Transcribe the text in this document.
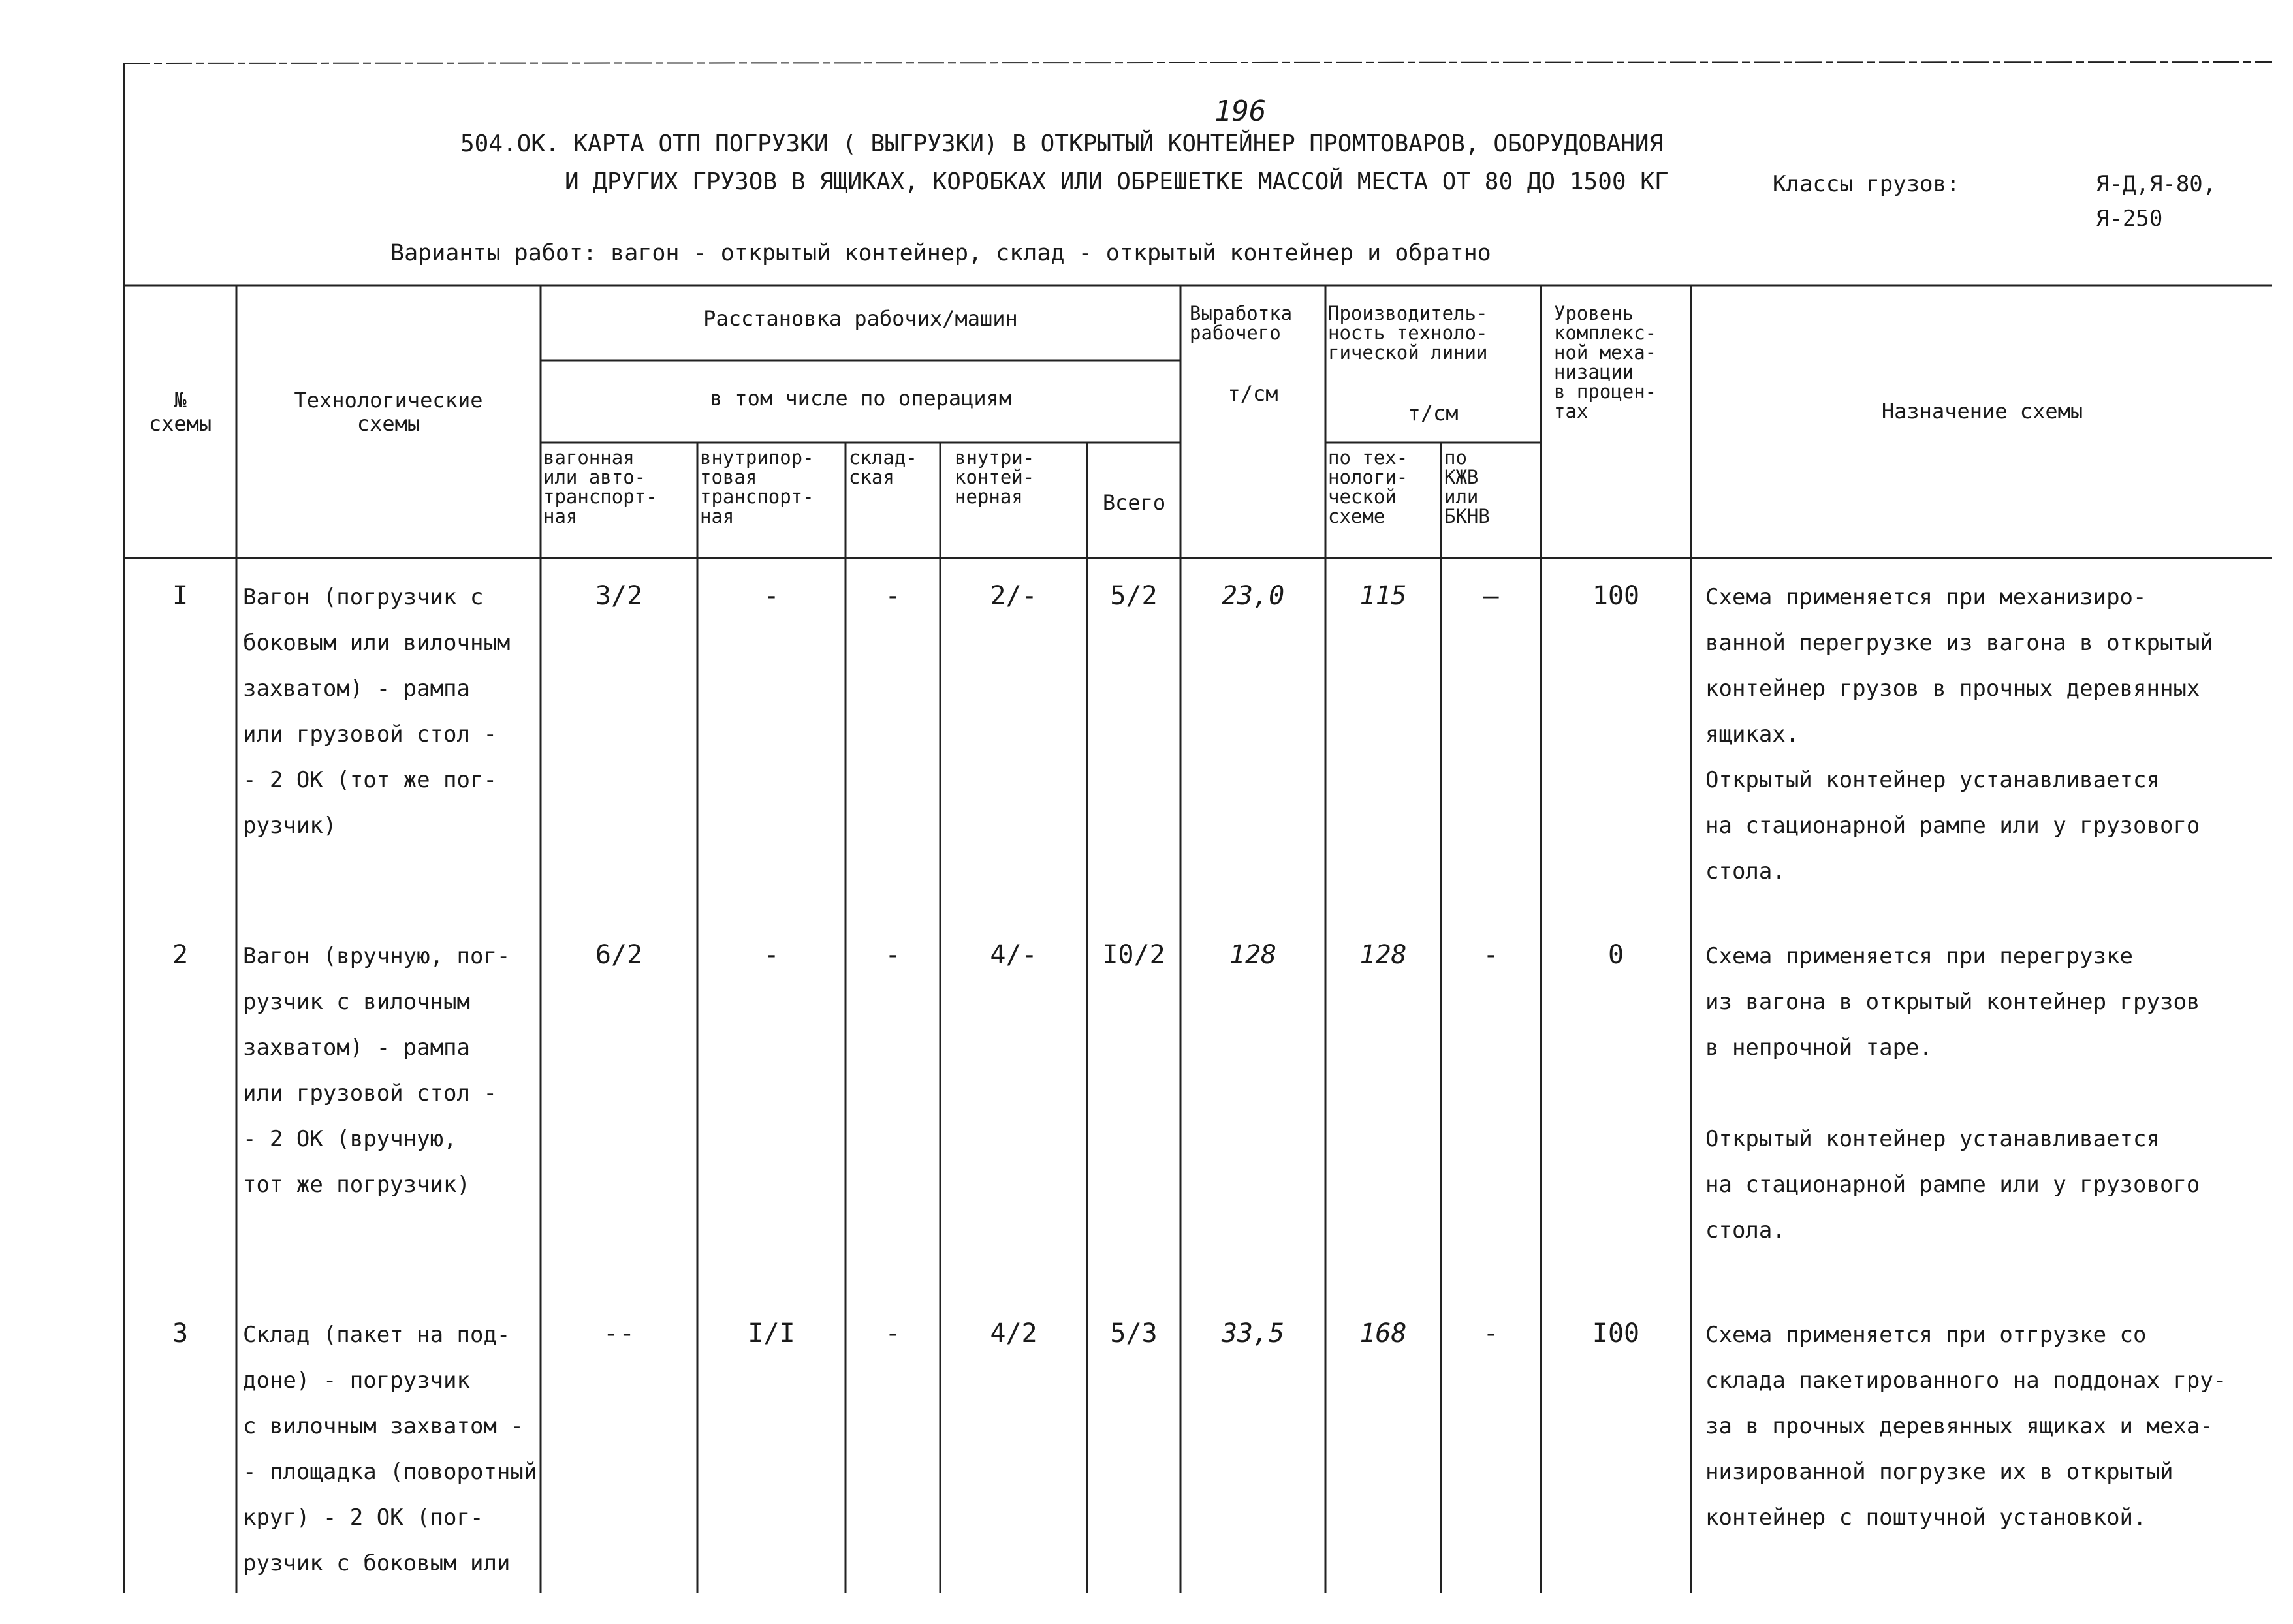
196
504.OK. КАРТА ОТП ПОГРУЗКИ ( ВЫГРУЗКИ) В ОТКРЫТЫЙ КОНТЕЙНЕР ПРОМТОВАРОВ, ОБОРУДОВАНИЯ
И ДРУГИХ ГРУЗОВ В ЯЩИКАХ, КОРОБКАХ ИЛИ ОБРЕШЕТКЕ МАССОЙ МЕСТА ОТ 80 ДО 1500 КГ	Классы грузов:	Я-Д,Я-80,
Я-250
Варианты работ: вагон - открытый контейнер, склад - открытый контейнер и обратно
№
схемы
Технологические
схемы
Расстановка рабочих/машин
в том числе по операциям
вагонная
или авто-
транспорт-
ная
внутрипор-
товая
транспорт-
ная
склад-
ская
внутри-
контей-
нерная	Всего
Выработка
рабочего
т/см
Производитель-
ность техноло-
гической линии
т/см
по тех-
нологи-
ческой
схеме
по
КЖВ
или
БКНВ
Уровень
комплекс-
ной меха-
низации
в процен-
тах	Назначение схемы
I	Вагон (погрузчик с
боковым или вилочным
захватом) - рампа
или грузовой стол -
- 2 ОК (тот же пог-
рузчик)
3/2	-	-	2/-	5/2	23,0	115	—	100	Схема применяется при механизиро-
ванной перегрузке из вагона в открытый
контейнер грузов в прочных деревянных
ящиках.
Открытый контейнер устанавливается
на стационарной рампе или у грузового
стола.
2	Вагон (вручную, пог-
рузчик с вилочным
захватом) - рампа
или грузовой стол -
- 2 ОК (вручную,
тот же погрузчик)
6/2	-	-	4/-	I0/2	128	128	-	0	Схема применяется при перегрузке
из вагона в открытый контейнер грузов
в непрочной таре.

Открытый контейнер устанавливается
на стационарной рампе или у грузового
стола.
3	Склад (пакет на под-
доне) - погрузчик
с вилочным захватом -
- площадка (поворотный
круг) - 2 ОК (пог-
рузчик с боковым или
--	I/I	-	4/2	5/3	33,5	168	-	I00	Схема применяется при отгрузке со
склада пакетированного на поддонах гру-
за в прочных деревянных ящиках и меха-
низированной погрузке их в открытый
контейнер с поштучной установкой.
